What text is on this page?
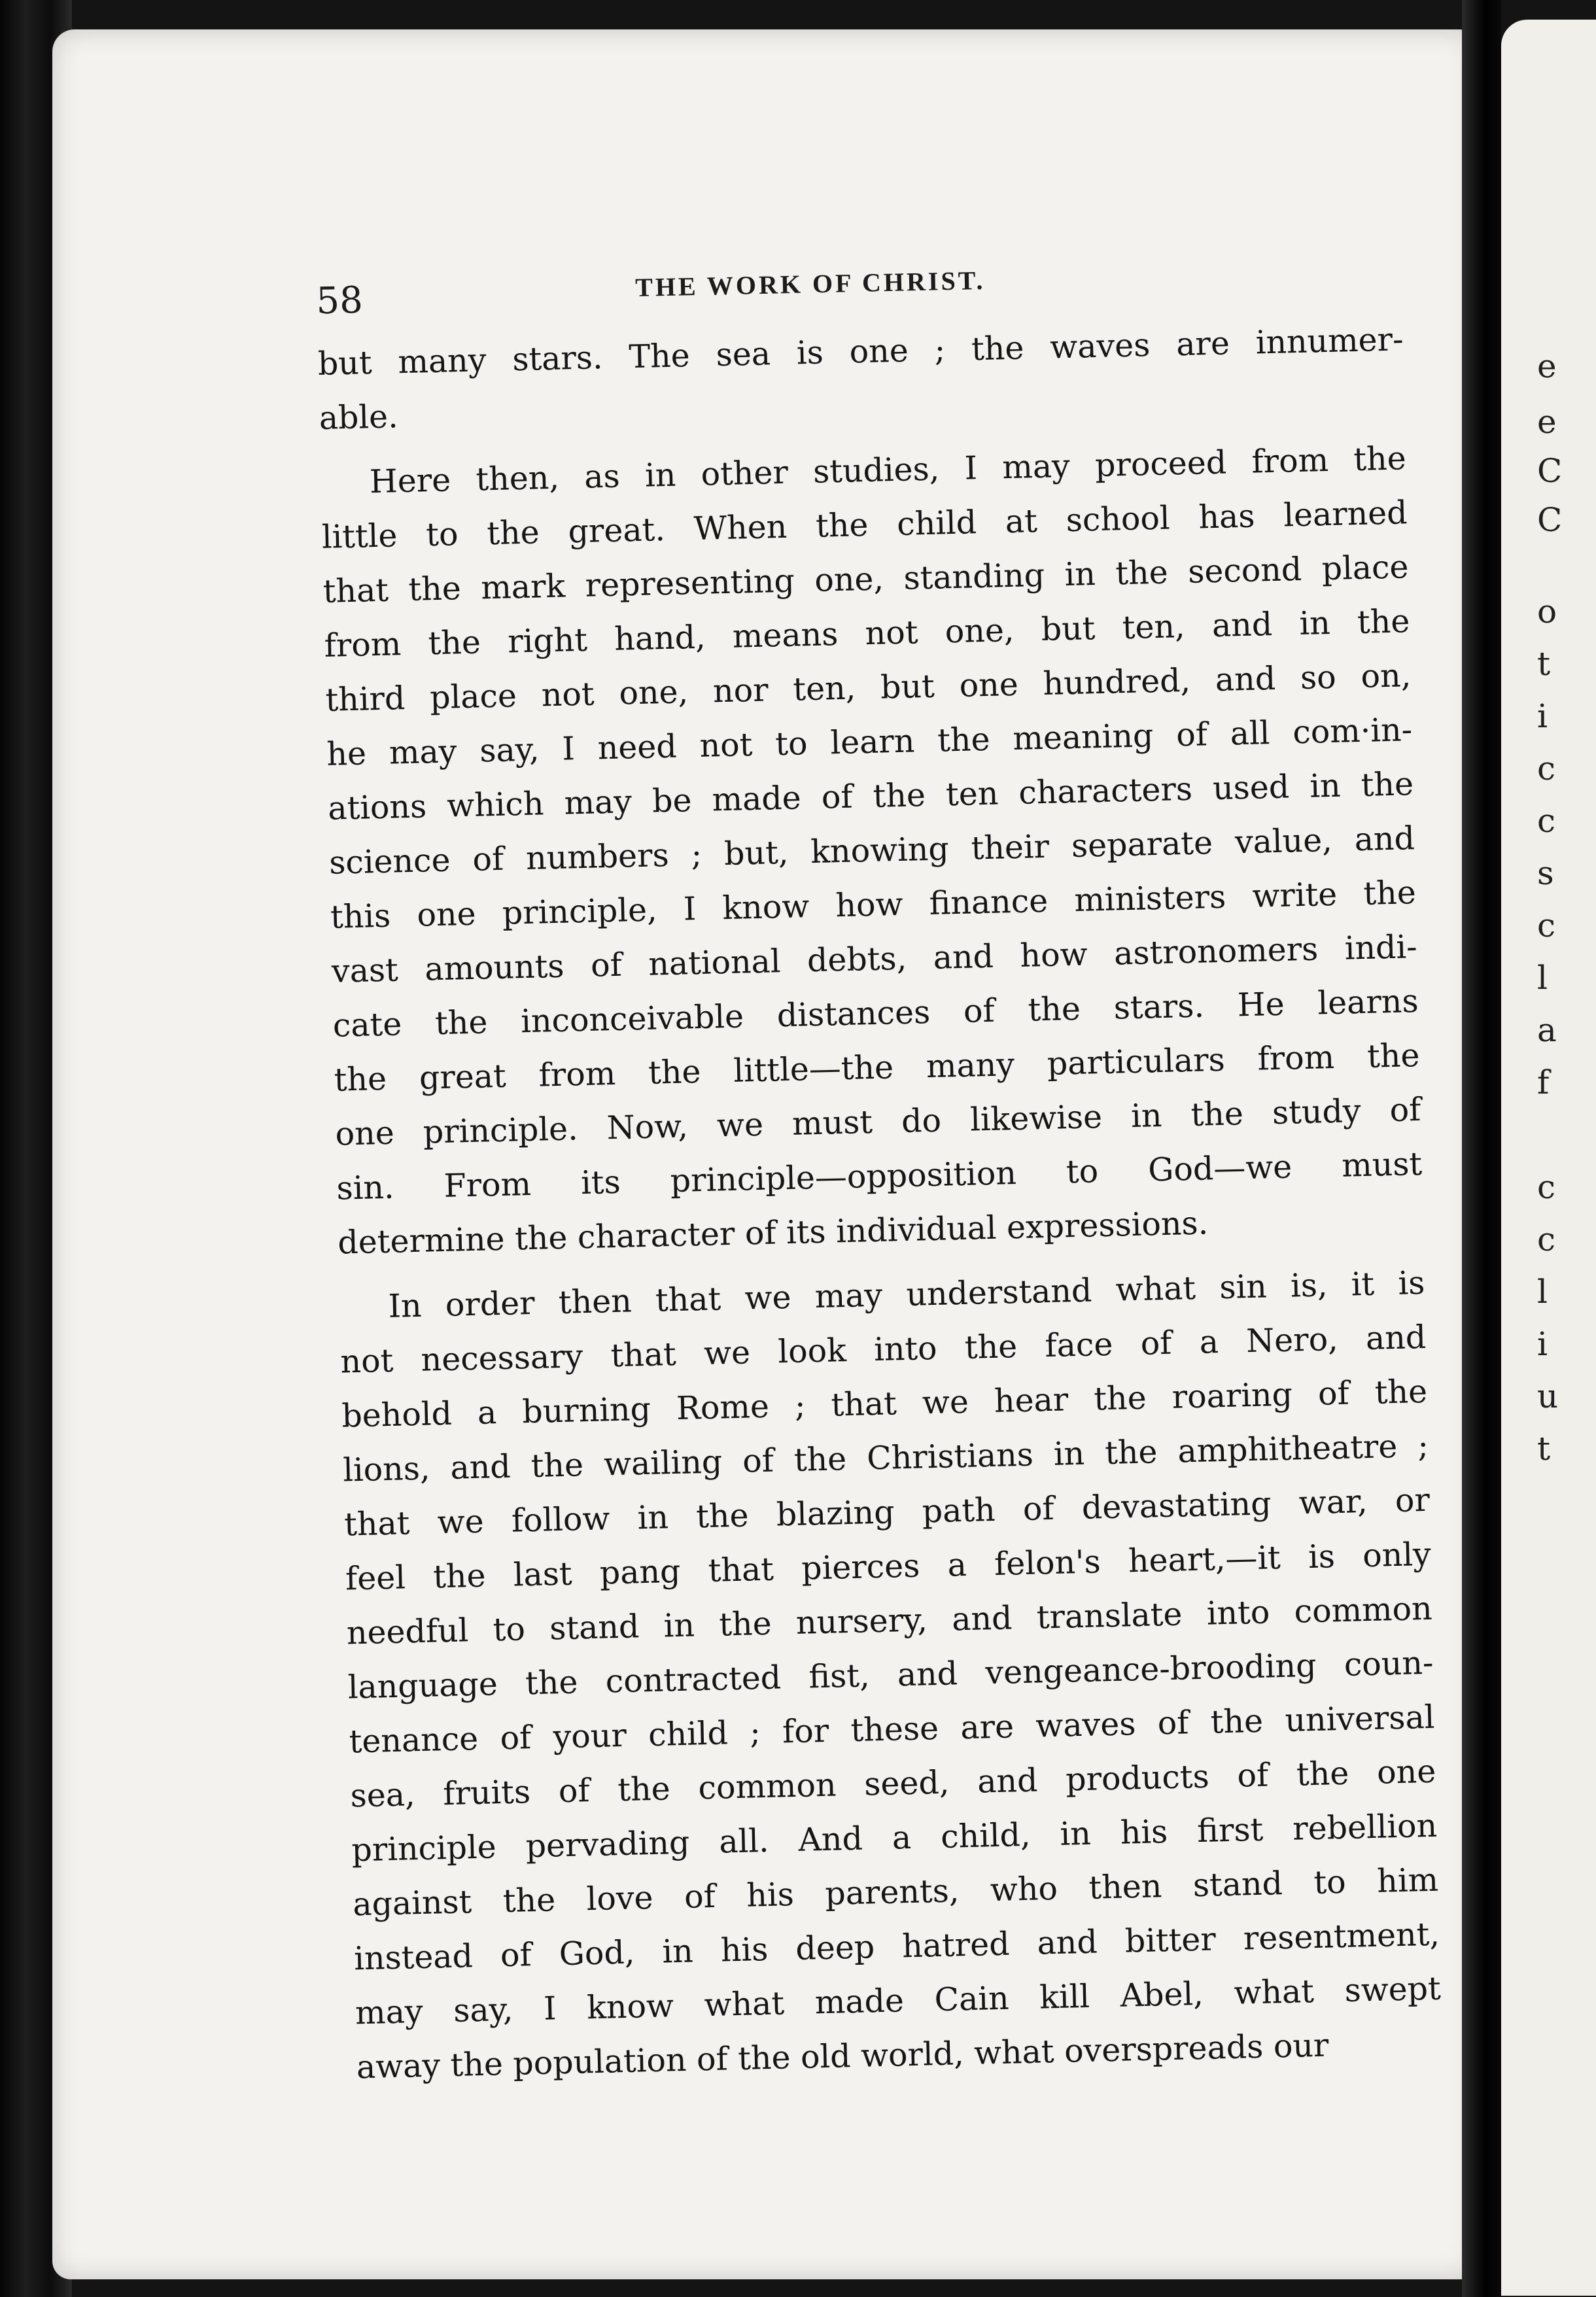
58	THE WORK OF CHRIST.
but many stars. The sea is one ; the waves are innumer-
able.
Here then, as in other studies, I may proceed from the
little to the great. When the child at school has learned
that the mark representing one, standing in the second place
from the right hand, means not one, but ten, and in the
third place not one, nor ten, but one hundred, and so on,
he may say, I need not to learn the meaning of all com·in-
ations which may be made of the ten characters used in the
science of numbers ; but, knowing their separate value, and
this one principle, I know how finance ministers write the
vast amounts of national debts, and how astronomers indi-
cate the inconceivable distances of the stars. He learns
the great from the little—the many particulars from the
one principle. Now, we must do likewise in the study of
sin. From its principle—opposition to God—we must
determine the character of its individual expressions.
In order then that we may understand what sin is, it is
not necessary that we look into the face of a Nero, and
behold a burning Rome ; that we hear the roaring of the
lions, and the wailing of the Christians in the amphitheatre ;
that we follow in the blazing path of devastating war, or
feel the last pang that pierces a felon's heart,—it is only
needful to stand in the nursery, and translate into common
language the contracted fist, and vengeance-brooding coun-
tenance of your child ; for these are waves of the universal
sea, fruits of the common seed, and products of the one
principle pervading all. And a child, in his first rebellion
against the love of his parents, who then stand to him
instead of God, in his deep hatred and bitter resentment,
may say, I know what made Cain kill Abel, what swept
away the population of the old world, what overspreads our
e
e
C
C
o
t
i
c
c
s
c
l
a
f
c
c
l
i
u
t
